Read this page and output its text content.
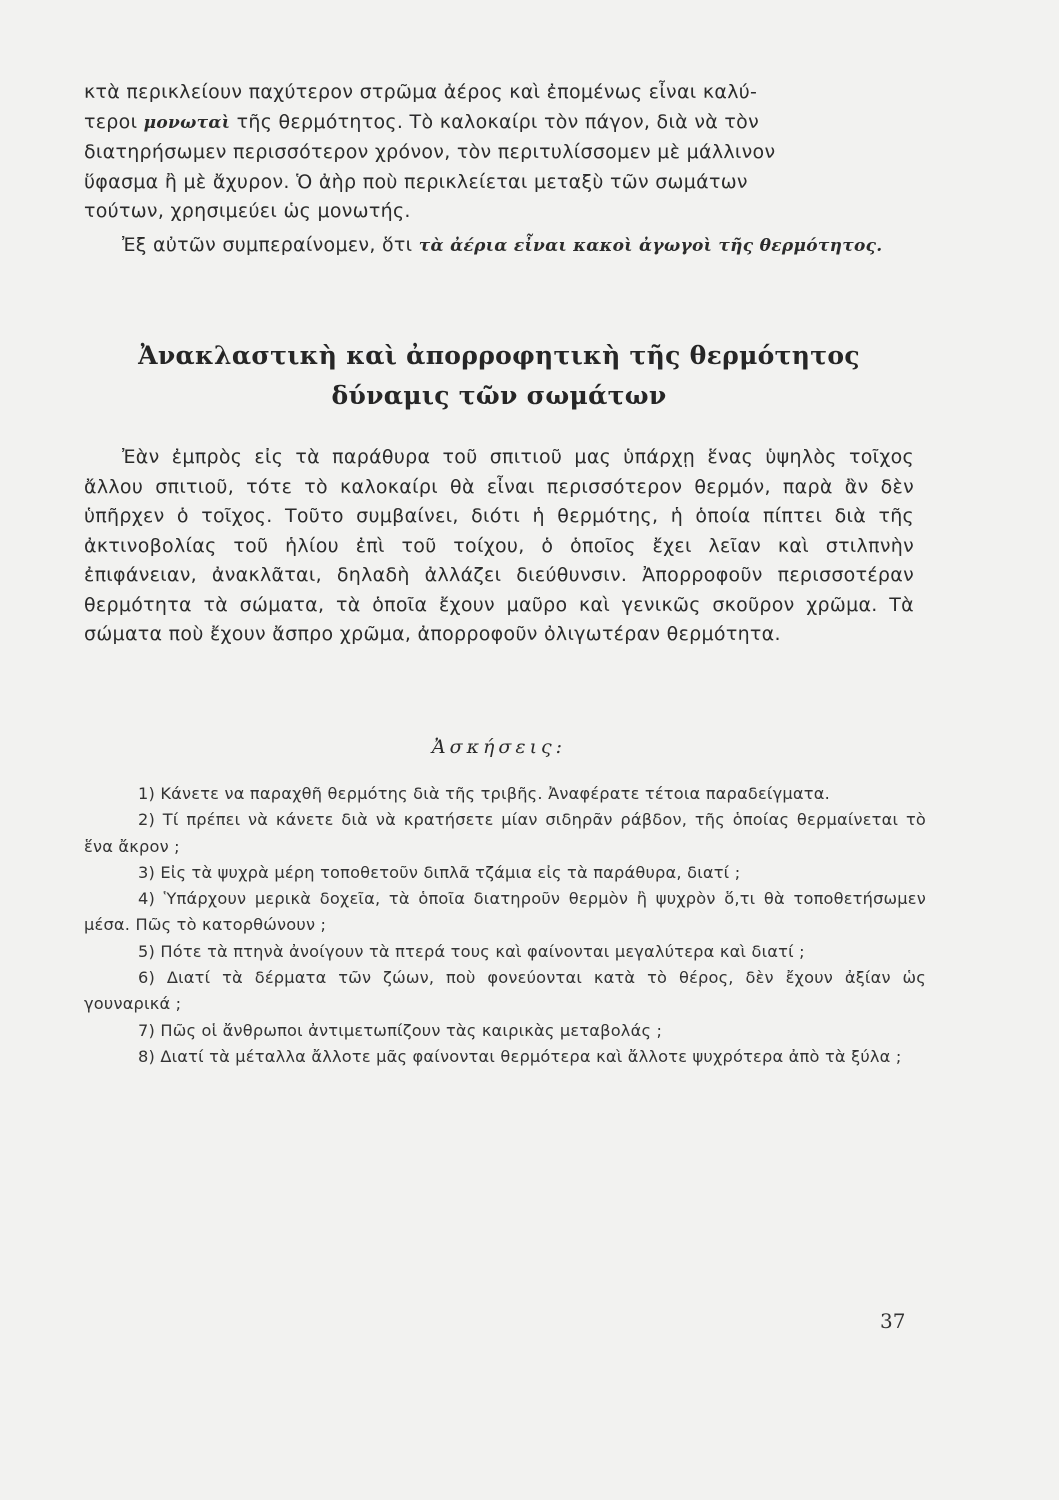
κτὰ περικλείουν παχύτερον στρῶμα ἀέρος καὶ ἐπομένως εἶναι καλύ-

τεροι μονωταὶ τῆς θερμότητος. Τὸ καλοκαίρι τὸν πάγον, διὰ νὰ τὸν

διατηρήσωμεν περισσότερον χρόνον, τὸν περιτυλίσσομεν μὲ μάλλινον

ὕφασμα ἢ μὲ ἄχυρον. Ὁ ἀὴρ ποὺ περικλείεται μεταξὺ τῶν σωμάτων

τούτων, χρησιμεύει ὡς μονωτής.

Ἐξ αὐτῶν συμπεραίνομεν, ὅτι τὰ ἀέρια εἶναι κακοὶ ἀγωγοὶ τῆς θερμότητος.

Ἀνακλαστικὴ καὶ ἀπορροφητικὴ τῆς θερμότητος
δύναμις τῶν σωμάτων

Ἐὰν ἐμπρὸς εἰς τὰ παράθυρα τοῦ σπιτιοῦ μας ὑπάρχῃ ἕνας ὑψηλὸς τοῖχος ἄλλου σπιτιοῦ, τότε τὸ καλοκαίρι θὰ εἶναι περισσότερον θερμόν, παρὰ ἂν δὲν ὑπῆρχεν ὁ τοῖχος. Τοῦτο συμβαίνει, διότι ἡ θερμότης, ἡ ὁποία πίπτει διὰ τῆς ἀκτινοβολίας τοῦ ἡλίου ἐπὶ τοῦ τοίχου, ὁ ὁποῖος ἔχει λεῖαν καὶ στιλπνὴν ἐπιφάνειαν, ἀνακλᾶται, δηλαδὴ ἀλλάζει διεύθυνσιν. Ἀπορροφοῦν περισσοτέραν θερμότητα τὰ σώματα, τὰ ὁποῖα ἔχουν μαῦρο καὶ γενικῶς σκοῦρον χρῶμα. Τὰ σώματα ποὺ ἔχουν ἄσπρο χρῶμα, ἀπορροφοῦν ὀλιγωτέραν θερμότητα.

Ἀσκήσεις:

1) Κάνετε να παραχθῆ θερμότης διὰ τῆς τριβῆς. Ἀναφέρατε τέτοια παραδείγματα.

2) Τί πρέπει νὰ κάνετε διὰ νὰ κρατήσετε μίαν σιδηρᾶν ράβδον, τῆς ὁποίας θερμαίνεται τὸ ἕνα ἄκρον ;

3) Εἰς τὰ ψυχρὰ μέρη τοποθετοῦν διπλᾶ τζάμια εἰς τὰ παράθυρα, διατί ;

4) Ὑπάρχουν μερικὰ δοχεῖα, τὰ ὁποῖα διατηροῦν θερμὸν ἢ ψυχρὸν ὅ,τι θὰ τοποθετήσωμεν μέσα. Πῶς τὸ κατορθώνουν ;

5) Πότε τὰ πτηνὰ ἀνοίγουν τὰ πτερά τους καὶ φαίνονται μεγαλύτερα καὶ διατί ;

6) Διατί τὰ δέρματα τῶν ζώων, ποὺ φονεύονται κατὰ τὸ θέρος, δὲν ἔχουν ἀξίαν ὡς γουναρικά ;

7) Πῶς οἱ ἄνθρωποι ἀντιμετωπίζουν τὰς καιρικὰς μεταβολάς ;

8) Διατί τὰ μέταλλα ἄλλοτε μᾶς φαίνονται θερμότερα καὶ ἄλλοτε ψυχρότερα ἀπὸ τὰ ξύλα ;

37
